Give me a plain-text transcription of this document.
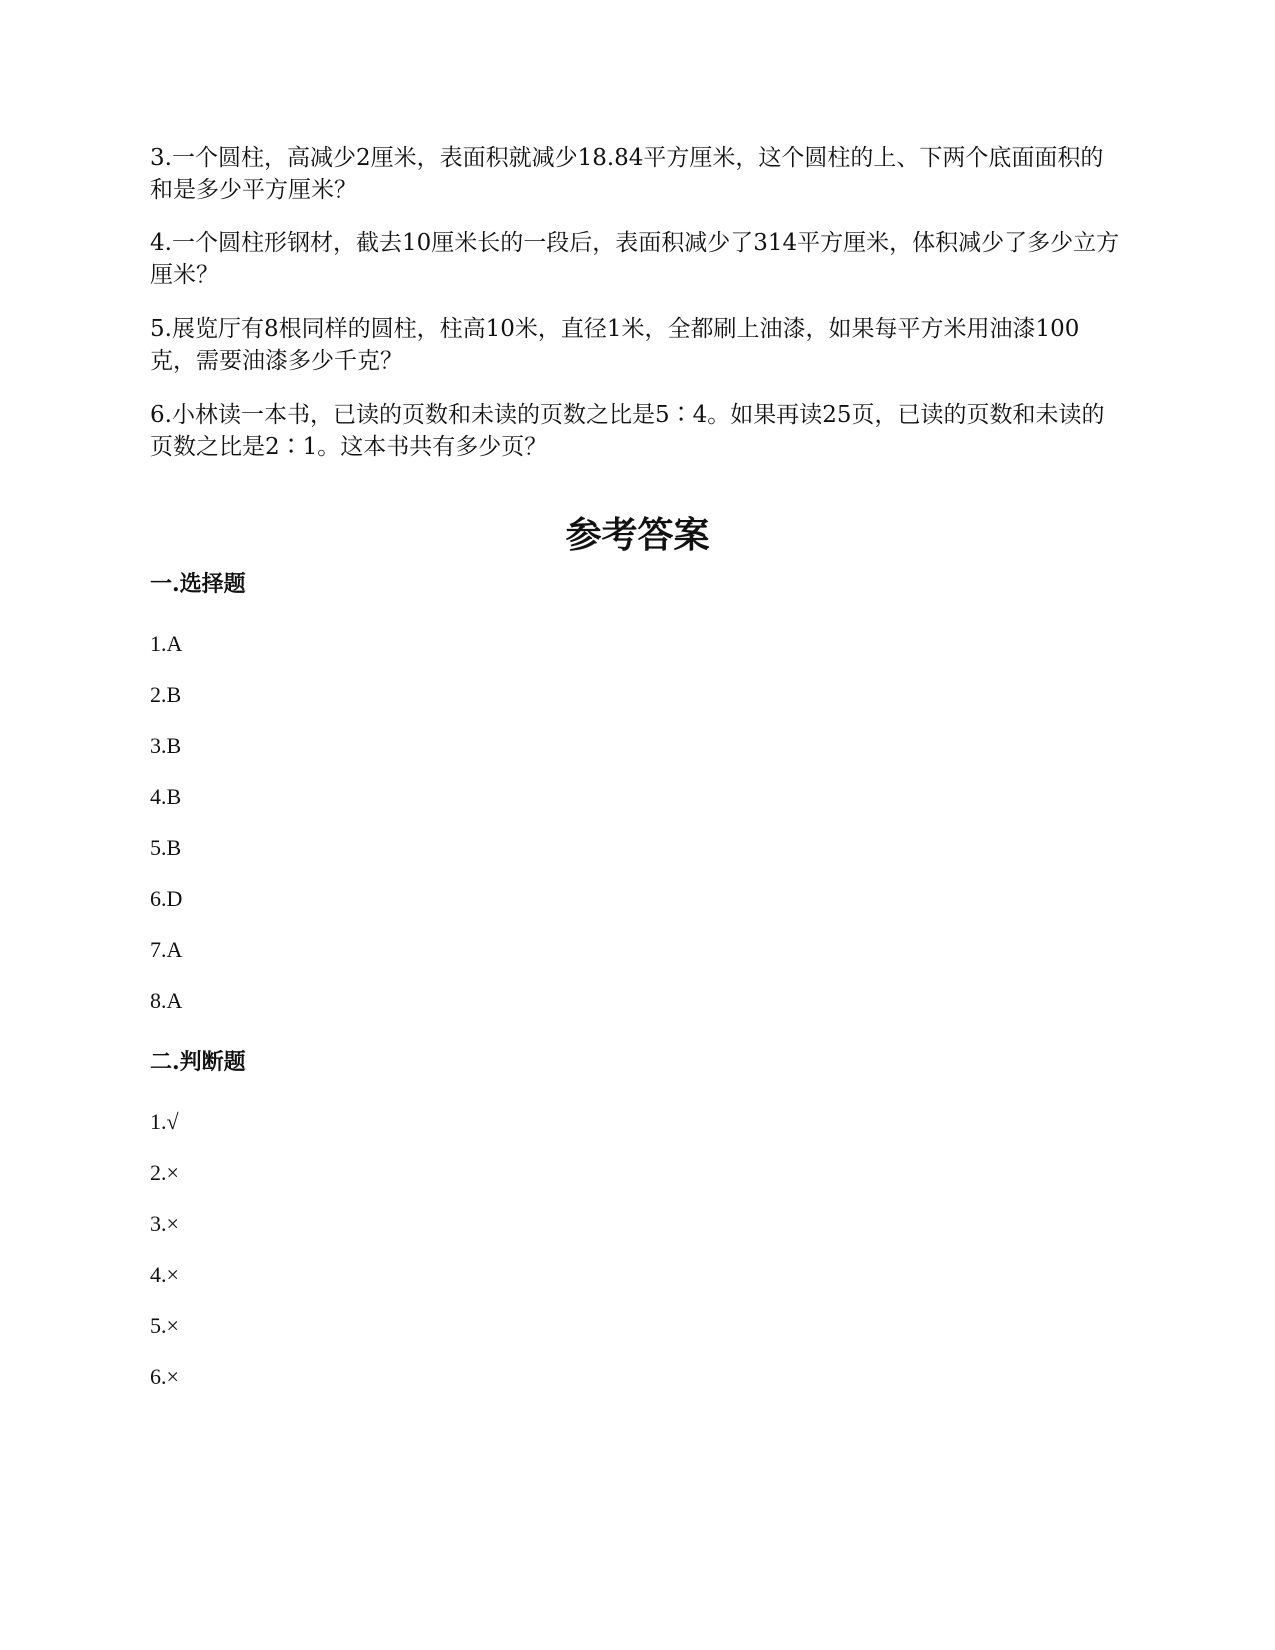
3.一个圆柱，高减少2厘米，表面积就减少18.84平方厘米，这个圆柱的上、下两个底面面积的和是多少平方厘米？

4.一个圆柱形钢材，截去10厘米长的一段后，表面积减少了314平方厘米，体积减少了多少立方厘米？

5.展览厅有8根同样的圆柱，柱高10米，直径1米，全都刷上油漆，如果每平方米用油漆100克，需要油漆多少千克？

6.小林读一本书，已读的页数和未读的页数之比是5∶4。如果再读25页，已读的页数和未读的页数之比是2∶1。这本书共有多少页？

参考答案
一.选择题

1.A

2.B

3.B

4.B

5.B

6.D

7.A

8.A

二.判断题

1.√

2.×

3.×

4.×

5.×

6.×
